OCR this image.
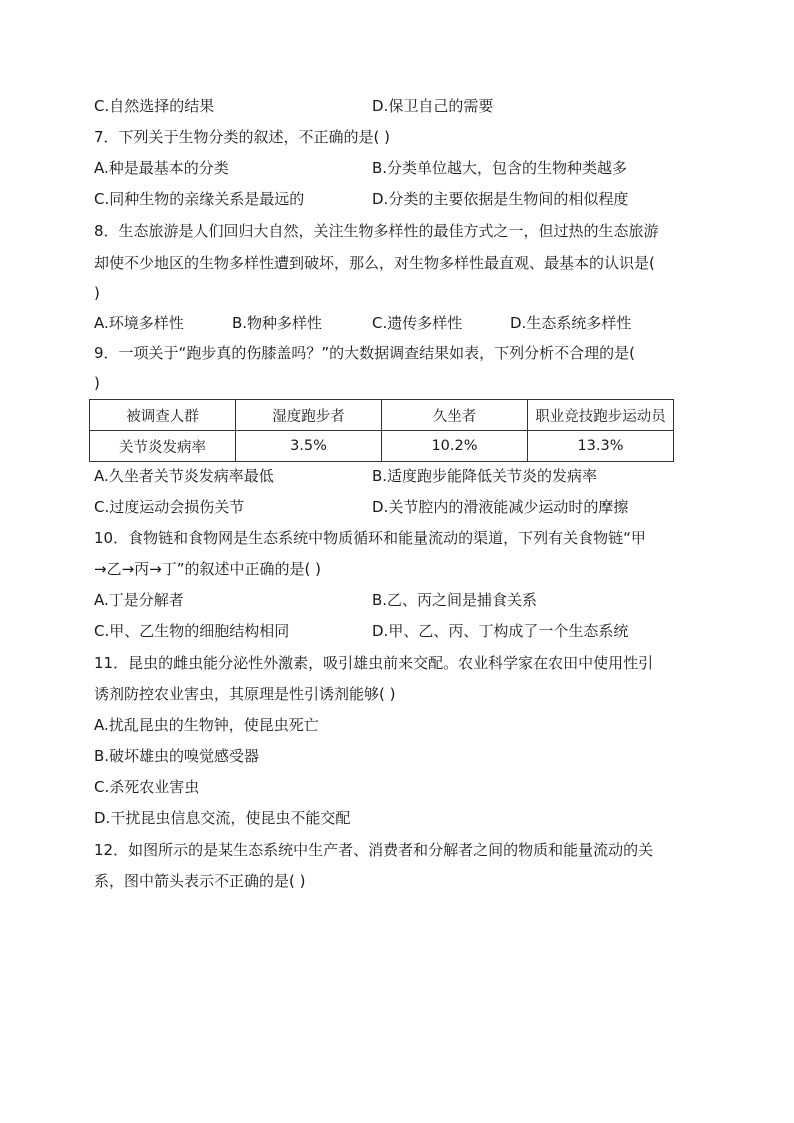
C.自然选择的结果	D.保卫自己的需要
7．下列关于生物分类的叙述，不正确的是( )
A.种是最基本的分类	B.分类单位越大，包含的生物种类越多
C.同种生物的亲缘关系是最远的	D.分类的主要依据是生物间的相似程度
8．生态旅游是人们回归大自然，关注生物多样性的最佳方式之一，但过热的生态旅游
却使不少地区的生物多样性遭到破坏，那么，对生物多样性最直观、最基本的认识是(
)
A.环境多样性	B.物种多样性	C.遗传多样性	D.生态系统多样性
9．一项关于“跑步真的伤膝盖吗？”的大数据调查结果如表，下列分析不合理的是(
)
被调查人群	湿度跑步者	久坐者	职业竞技跑步运动员
关节炎发病率	3.5%	10.2%	13.3%
A.久坐者关节炎发病率最低	B.适度跑步能降低关节炎的发病率
C.过度运动会损伤关节	D.关节腔内的滑液能减少运动时的摩擦
10．食物链和食物网是生态系统中物质循环和能量流动的渠道，下列有关食物链“甲
→乙→丙→丁”的叙述中正确的是( )
A.丁是分解者	B.乙、丙之间是捕食关系
C.甲、乙生物的细胞结构相同	D.甲、乙、丙、丁构成了一个生态系统
11．昆虫的雌虫能分泌性外激素，吸引雄虫前来交配。农业科学家在农田中使用性引
诱剂防控农业害虫，其原理是性引诱剂能够( )
A.扰乱昆虫的生物钟，使昆虫死亡
B.破坏雄虫的嗅觉感受器
C.杀死农业害虫
D.干扰昆虫信息交流，使昆虫不能交配
12．如图所示的是某生态系统中生产者、消费者和分解者之间的物质和能量流动的关
系，图中箭头表示不正确的是( )
